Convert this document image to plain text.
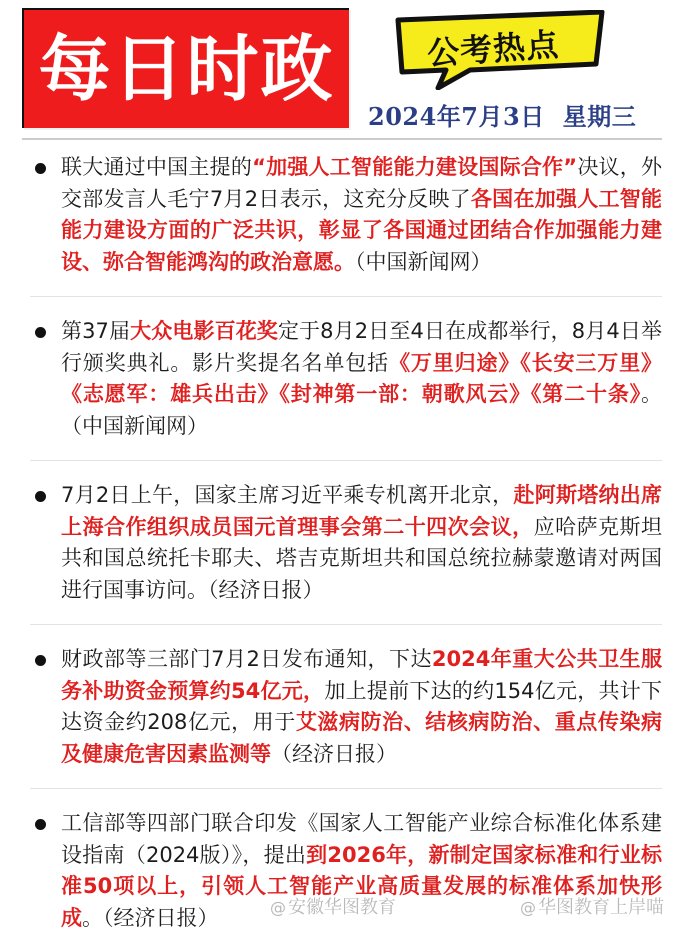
每日时政	公考热点
2024年7月3日 星期三
联大通过中国主提的“加强人工智能能力建设国际合作”决议，外交部发言人毛宁7月2日表示，这充分反映了各国在加强人工智能能力建设方面的广泛共识，彰显了各国通过团结合作加强能力建设、弥合智能鸿沟的政治意愿。（中国新闻网）
第37届大众电影百花奖定于8月2日至4日在成都举行，8月4日举行颁奖典礼。影片奖提名名单包括《万里归途》《长安三万里》《志愿军：雄兵出击》《封神第一部：朝歌风云》《第二十条》。（中国新闻网）
7月2日上午，国家主席习近平乘专机离开北京，赴阿斯塔纳出席上海合作组织成员国元首理事会第二十四次会议，应哈萨克斯坦共和国总统托卡耶夫、塔吉克斯坦共和国总统拉赫蒙邀请对两国进行国事访问。（经济日报）
财政部等三部门7月2日发布通知，下达2024年重大公共卫生服务补助资金预算约54亿元，加上提前下达的约154亿元，共计下达资金约208亿元，用于艾滋病防治、结核病防治、重点传染病及健康危害因素监测等（经济日报）
工信部等四部门联合印发《国家人工智能产业综合标准化体系建设指南（2024版）》，提出到2026年，新制定国家标准和行业标准50项以上，引领人工智能产业高质量发展的标准体系加快形成。（经济日报）	@ 安徽华图教育	@ 华图教育上岸喵
